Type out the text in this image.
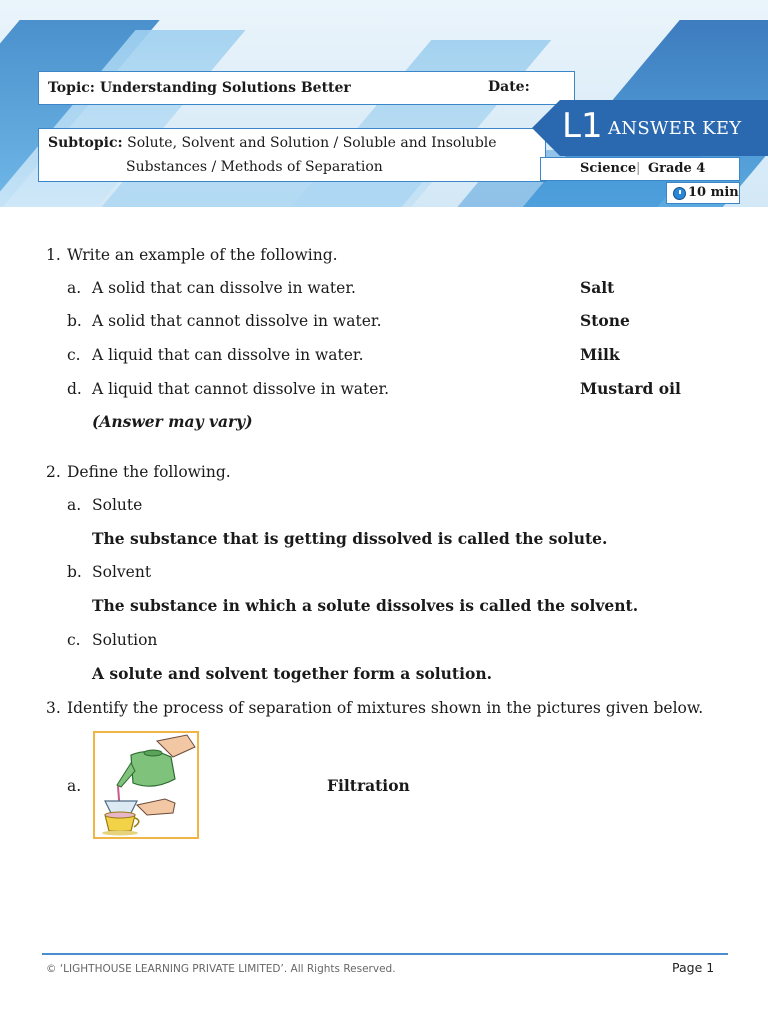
Topic: Understanding Solutions Better	Date:
Subtopic: Solute, Solvent and Solution / Soluble and Insoluble
Substances / Methods of Separation
L1 ANSWER KEY
Science | Grade 4
10 min
1. Write an example of the following.
a. A solid that can dissolve in water.	Salt
b. A solid that cannot dissolve in water.	Stone
c. A liquid that can dissolve in water.	Milk
d. A liquid that cannot dissolve in water.	Mustard oil
(Answer may vary)
2. Define the following.
a. Solute
The substance that is getting dissolved is called the solute.
b. Solvent
The substance in which a solute dissolves is called the solvent.
c. Solution
A solute and solvent together form a solution.
3. Identify the process of separation of mixtures shown in the pictures given below.
a.	Filtration
© ‘LIGHTHOUSE LEARNING PRIVATE LIMITED’. All Rights Reserved.	Page 1
